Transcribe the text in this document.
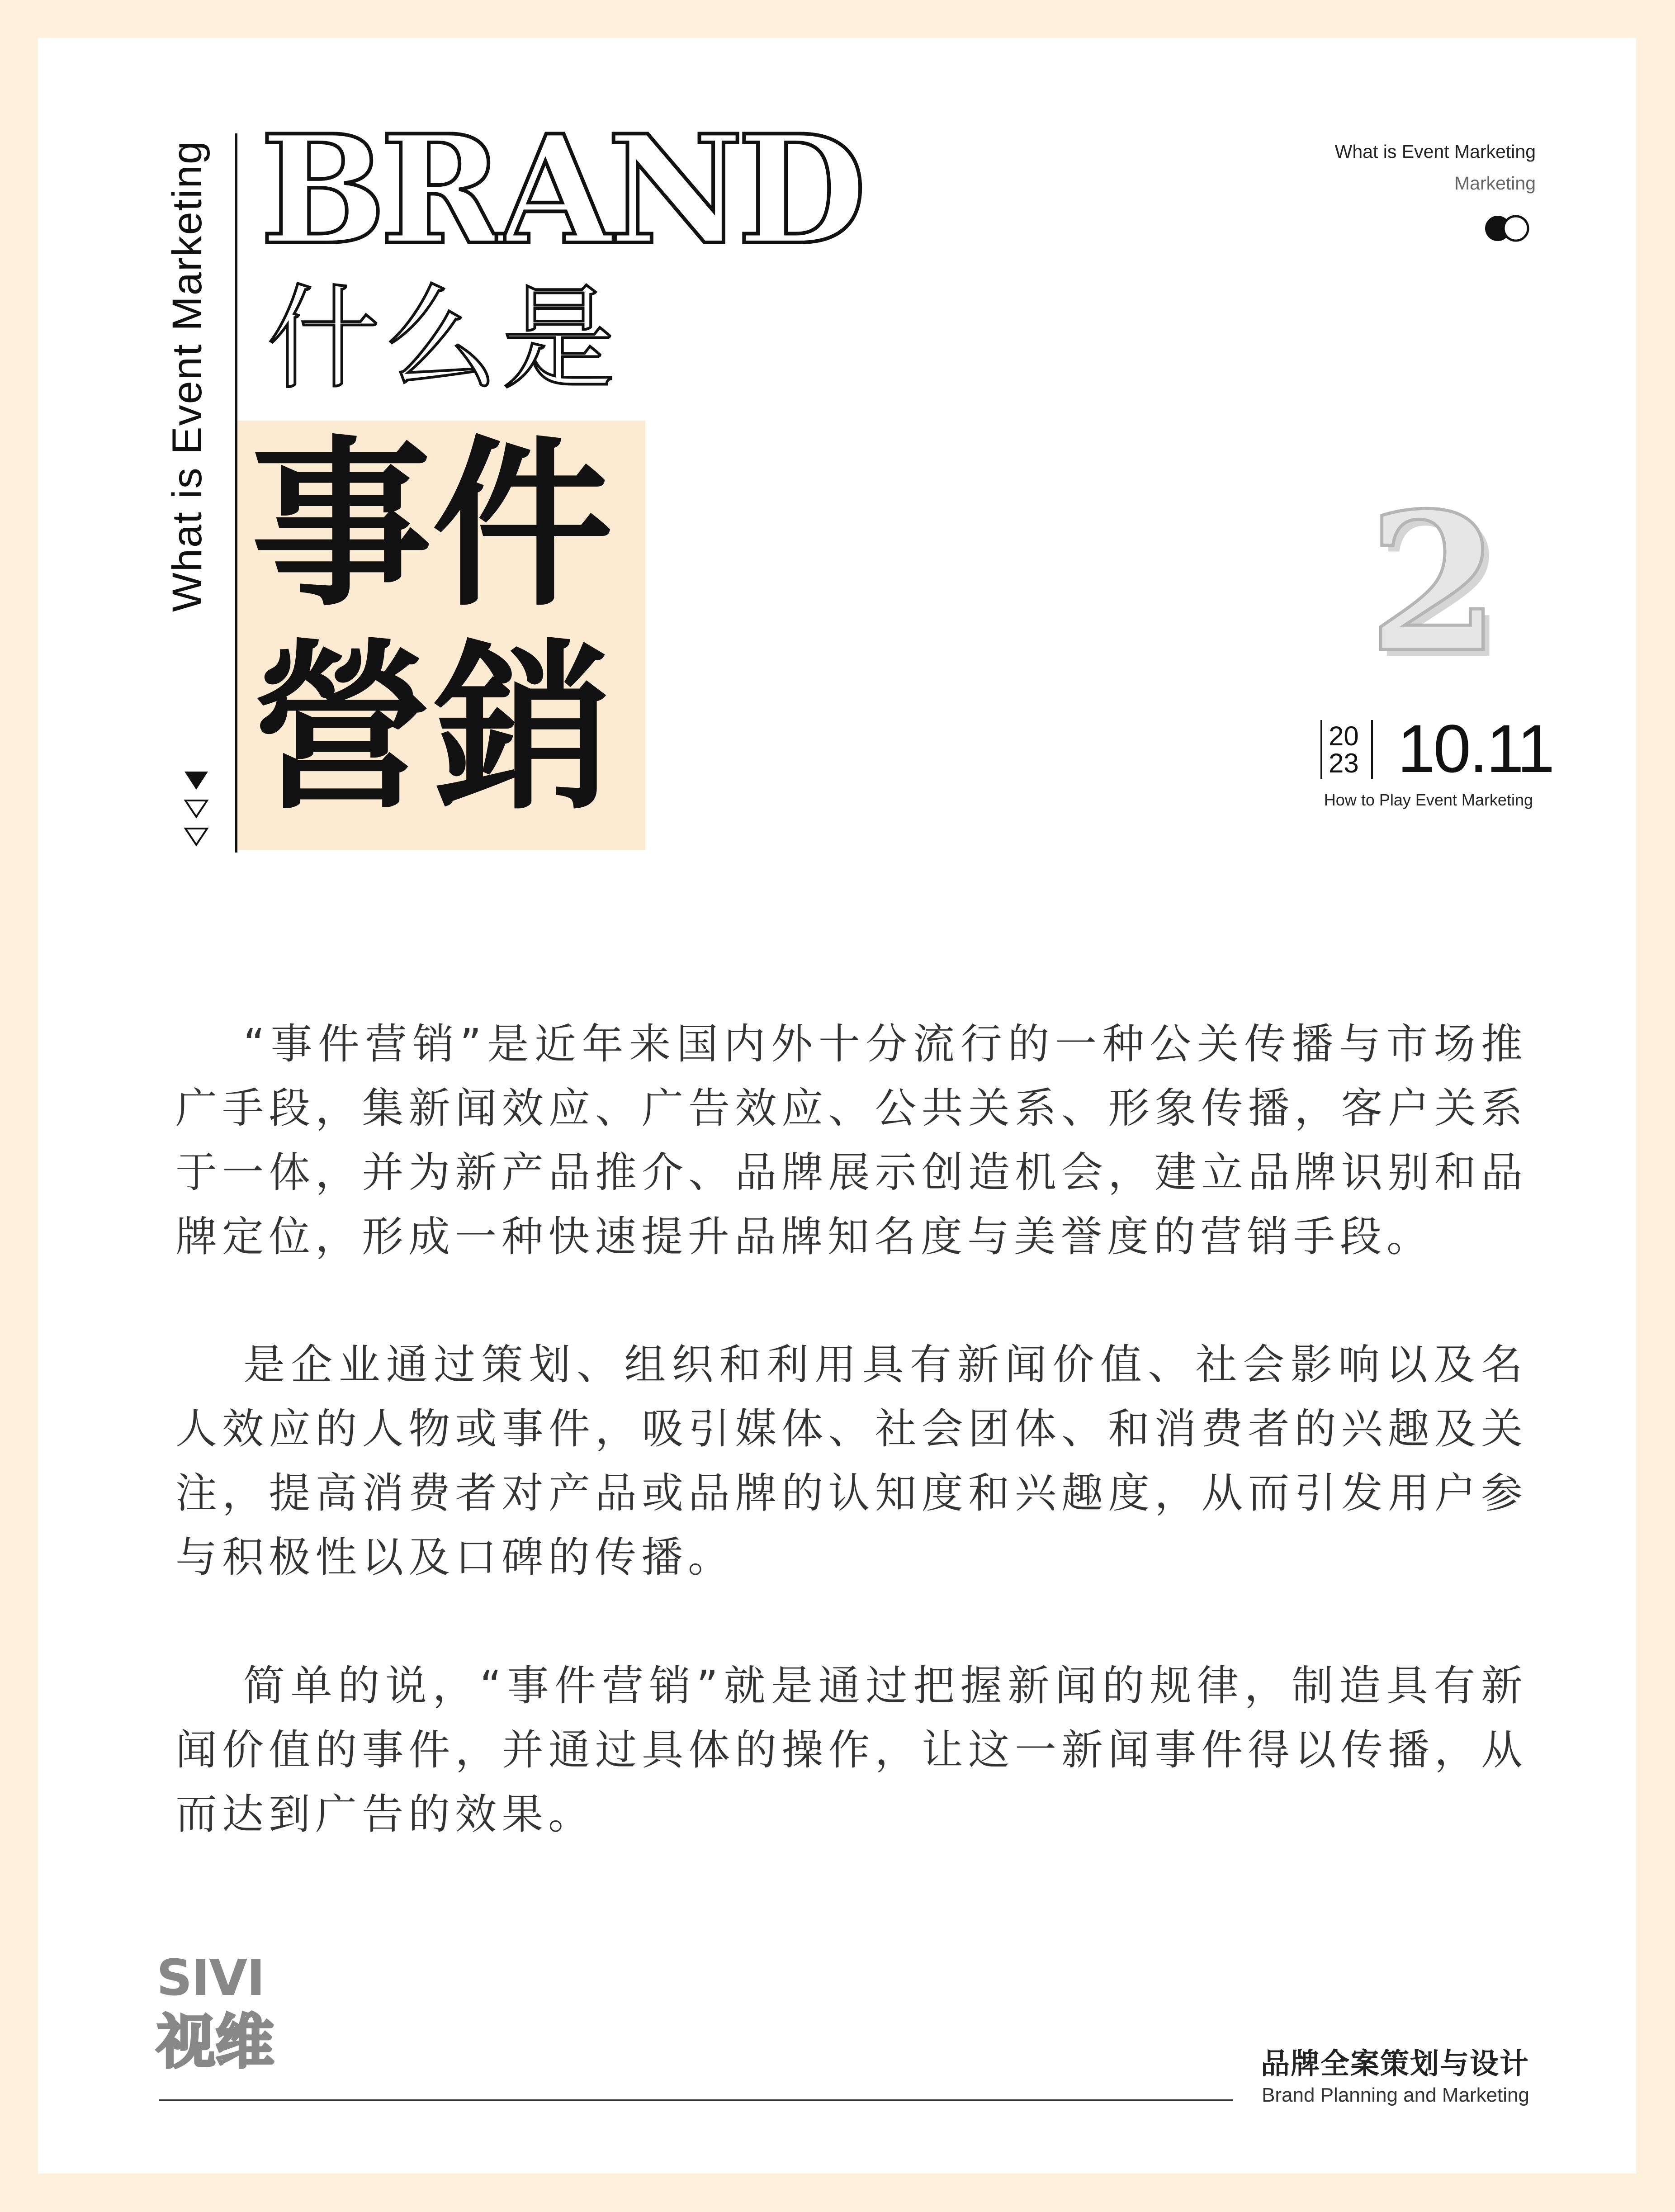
What is Event Marketing BRAND
什么是
事件
營銷
What is Event Marketing
Marketing
2
20
23 10.11
How to Play Event Marketing

“事件营销”是近年来国内外十分流行的一种公关传播与市场推广手段，集新闻效应、广告效应、公共关系、形象传播，客户关系于一体，并为新产品推介、品牌展示创造机会，建立品牌识别和品牌定位，形成一种快速提升品牌知名度与美誉度的营销手段。

是企业通过策划、组织和利用具有新闻价值、社会影响以及名人效应的人物或事件，吸引媒体、社会团体、和消费者的兴趣及关注，提高消费者对产品或品牌的认知度和兴趣度，从而引发用户参与积极性以及口碑的传播。

简单的说，“事件营销”就是通过把握新闻的规律，制造具有新闻价值的事件，并通过具体的操作，让这一新闻事件得以传播，从而达到广告的效果。

SIVI
视维	品牌全案策划与设计
Brand Planning and Marketing
